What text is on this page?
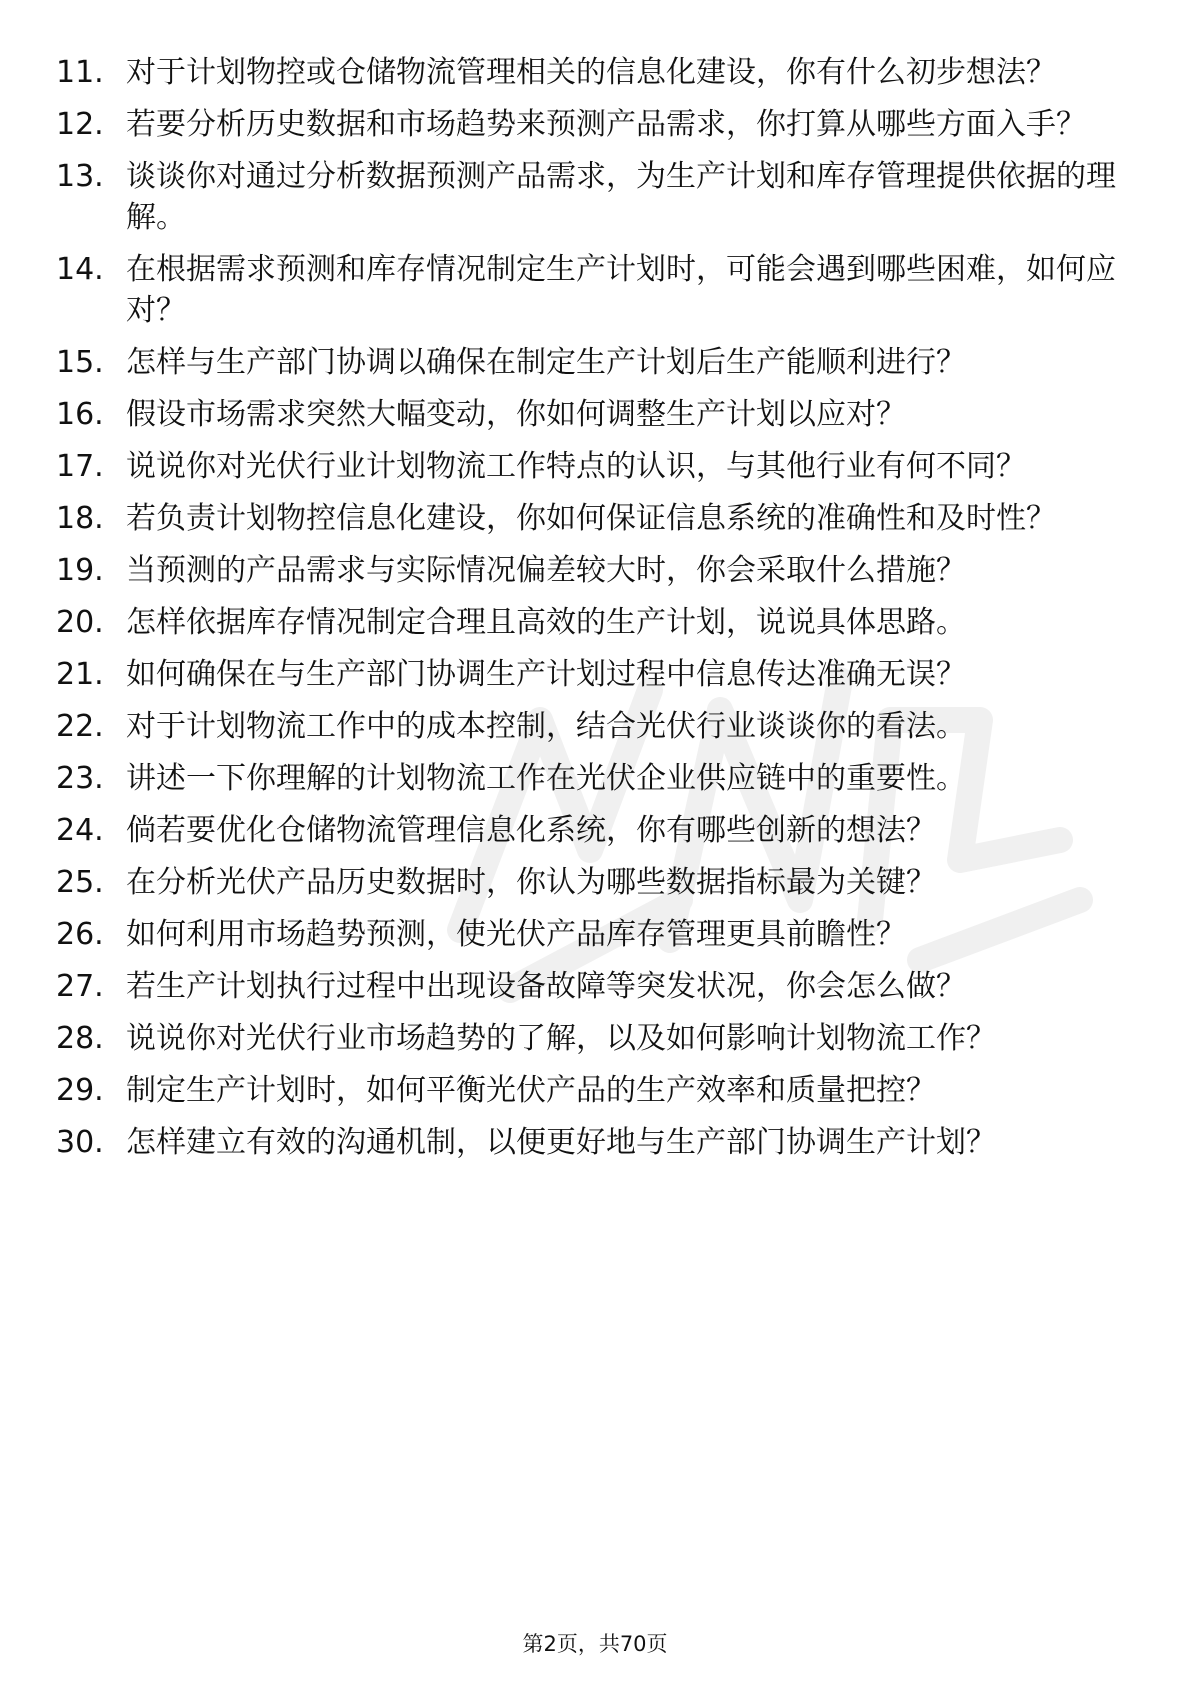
11. 对于计划物控或仓储物流管理相关的信息化建设，你有什么初步想法？
12. 若要分析历史数据和市场趋势来预测产品需求，你打算从哪些方面入手？
13. 谈谈你对通过分析数据预测产品需求，为生产计划和库存管理提供依据的理解。
14. 在根据需求预测和库存情况制定生产计划时，可能会遇到哪些困难，如何应对？
15. 怎样与生产部门协调以确保在制定生产计划后生产能顺利进行？
16. 假设市场需求突然大幅变动，你如何调整生产计划以应对？
17. 说说你对光伏行业计划物流工作特点的认识，与其他行业有何不同？
18. 若负责计划物控信息化建设，你如何保证信息系统的准确性和及时性？
19. 当预测的产品需求与实际情况偏差较大时，你会采取什么措施？
20. 怎样依据库存情况制定合理且高效的生产计划，说说具体思路。
21. 如何确保在与生产部门协调生产计划过程中信息传达准确无误？
22. 对于计划物流工作中的成本控制，结合光伏行业谈谈你的看法。
23. 讲述一下你理解的计划物流工作在光伏企业供应链中的重要性。
24. 倘若要优化仓储物流管理信息化系统，你有哪些创新的想法？
25. 在分析光伏产品历史数据时，你认为哪些数据指标最为关键？
26. 如何利用市场趋势预测，使光伏产品库存管理更具前瞻性？
27. 若生产计划执行过程中出现设备故障等突发状况，你会怎么做？
28. 说说你对光伏行业市场趋势的了解，以及如何影响计划物流工作？
29. 制定生产计划时，如何平衡光伏产品的生产效率和质量把控？
30. 怎样建立有效的沟通机制，以便更好地与生产部门协调生产计划？
第2页，共70页
